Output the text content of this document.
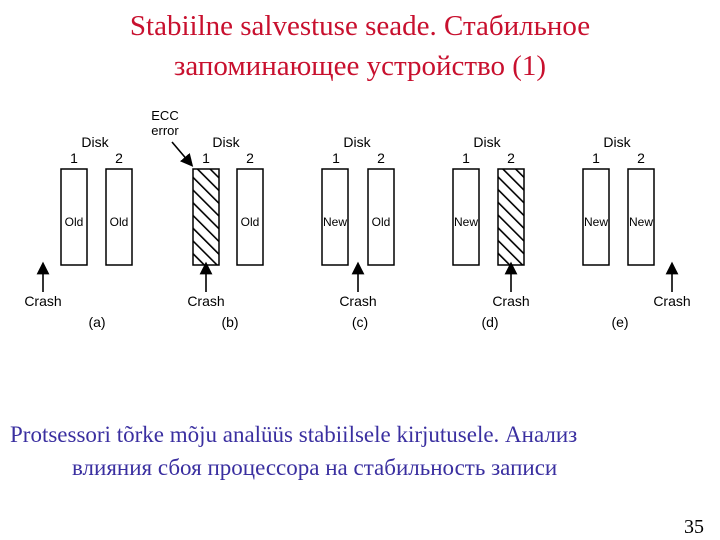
Stabiilne salvestuse seade. Стабильное
запоминающее устройство (1)
ECC
error
Disk
1	2
Old Old
Crash
(a)
Disk
1	2
Old
Crash
(b)
Disk
1	2
New Old
Crash
(c)
Disk
1	2
New
Crash
(d)
Disk
1	2
New New
Crash
(e)
Protsessori tõrke mõju analüüs stabiilsele kirjutusele. Анализ
влияния сбоя процессора на стабильность записи
35
